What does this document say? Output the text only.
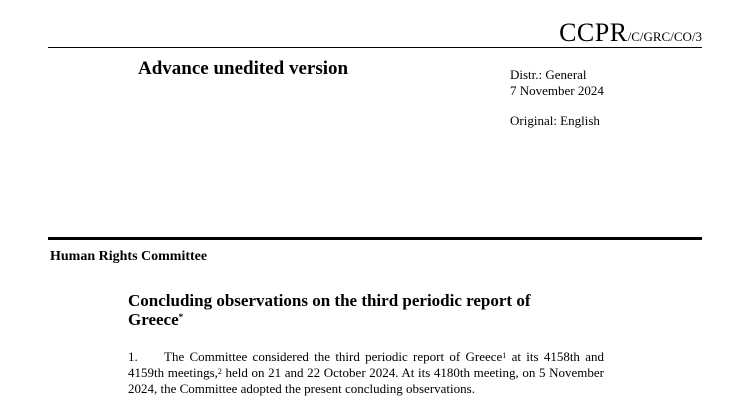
CCPR/C/GRC/CO/3
Advance unedited version	Distr.: General
7 November 2024
Original: English
Human Rights Committee
Concluding observations on the third periodic report of
Greece*
1. The Committee considered the third periodic report of Greece$^1$ at its 4158th and 4159th meetings,$^2$ held on 21 and 22 October 2024. At its 4180th meeting, on 5 November 2024, the Committee adopted the present concluding observations.
